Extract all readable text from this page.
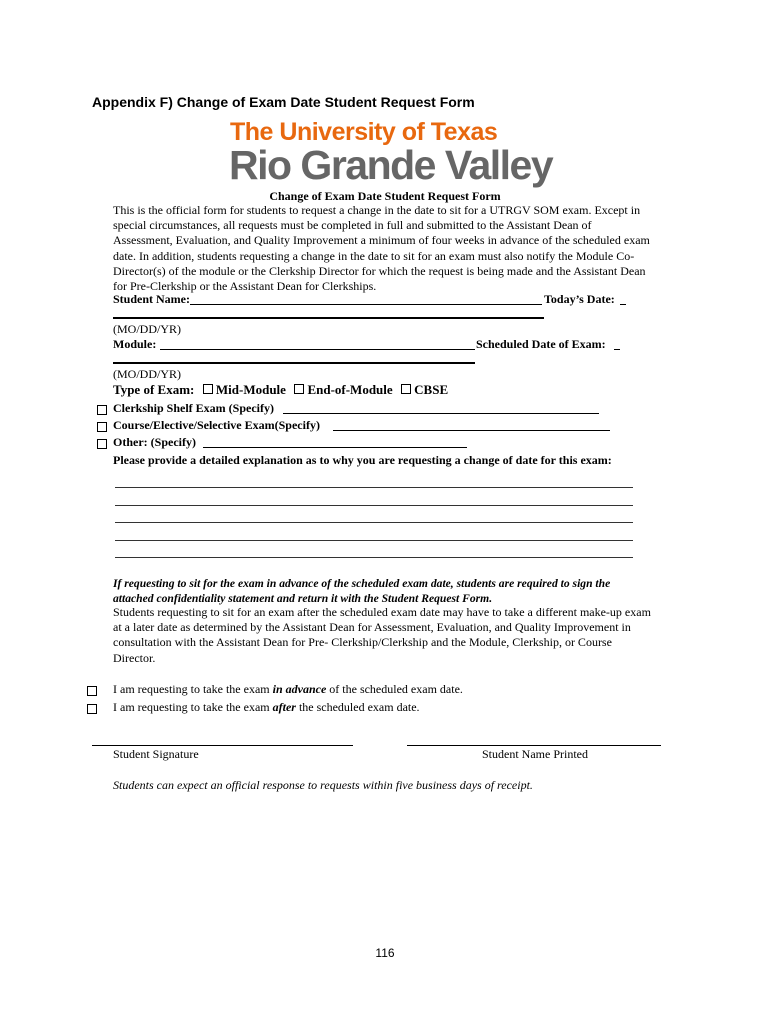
Appendix F) Change of Exam Date Student Request Form
The University of Texas
Rio Grande Valley
Change of Exam Date Student Request Form
This is the official form for students to request a change in the date to sit for a UTRGV SOM exam. Except in
special circumstances, all requests must be completed in full and submitted to the Assistant Dean of
Assessment, Evaluation, and Quality Improvement a minimum of four weeks in advance of the scheduled exam
date. In addition, students requesting a change in the date to sit for an exam must also notify the Module Co-
Director(s) of the module or the Clerkship Director for which the request is being made and the Assistant Dean
for Pre-Clerkship or the Assistant Dean for Clerkships.
Student Name:	Today’s Date:
(MO/DD/YR)
Module:	Scheduled Date of Exam:
(MO/DD/YR)
Type of Exam: Mid-Module End-of-Module CBSE
Clerkship Shelf Exam (Specify)
Course/Elective/Selective Exam(Specify)
Other: (Specify)
Please provide a detailed explanation as to why you are requesting a change of date for this exam:
If requesting to sit for the exam in advance of the scheduled exam date, students are required to sign the
attached confidentiality statement and return it with the Student Request Form.
Students requesting to sit for an exam after the scheduled exam date may have to take a different make-up exam
at a later date as determined by the Assistant Dean for Assessment, Evaluation, and Quality Improvement in
consultation with the Assistant Dean for Pre- Clerkship/Clerkship and the Module, Clerkship, or Course
Director.
I am requesting to take the exam in advance of the scheduled exam date.
I am requesting to take the exam after the scheduled exam date.
Student Signature	Student Name Printed
Students can expect an official response to requests within five business days of receipt.
116
